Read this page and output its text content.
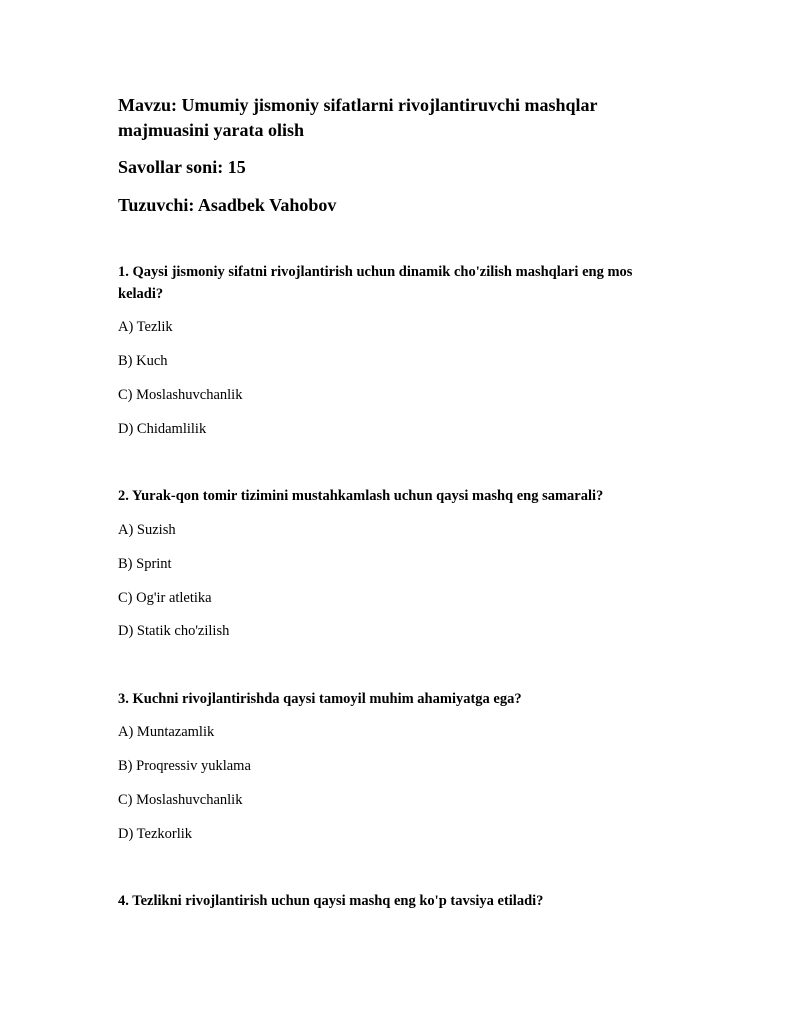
Mavzu: Umumiy jismoniy sifatlarni rivojlantiruvchi mashqlar
majmuasini yarata olish
Savollar soni: 15
Tuzuvchi: Asadbek Vahobov
1. Qaysi jismoniy sifatni rivojlantirish uchun dinamik cho'zilish mashqlari eng mos
keladi?
A) Tezlik
B) Kuch
C) Moslashuvchanlik
D) Chidamlilik
2. Yurak-qon tomir tizimini mustahkamlash uchun qaysi mashq eng samarali?
A) Suzish
B) Sprint
C) Og'ir atletika
D) Statik cho'zilish
3. Kuchni rivojlantirishda qaysi tamoyil muhim ahamiyatga ega?
A) Muntazamlik
B) Proqressiv yuklama
C) Moslashuvchanlik
D) Tezkorlik
4. Tezlikni rivojlantirish uchun qaysi mashq eng ko'p tavsiya etiladi?
